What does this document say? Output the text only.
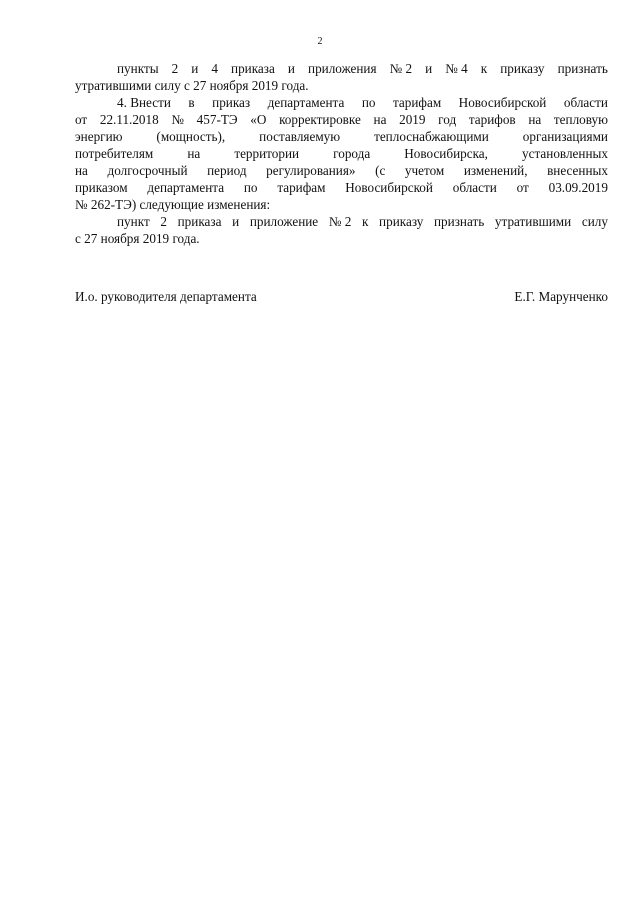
2
пункты 2 и 4 приказа и приложения № 2 и № 4 к приказу признать
утратившими силу с 27 ноября 2019 года.
4. Внести в приказ департамента по тарифам Новосибирской области
от 22.11.2018 № 457-ТЭ «О корректировке на 2019 год тарифов на тепловую
энергию	(мощность),	поставляемую	теплоснабжающими	организациями
потребителям	на	территории	города	Новосибирска,	установленных
на долгосрочный период регулирования» (с учетом изменений, внесенных
приказом департамента по тарифам Новосибирской области от 03.09.2019
№ 262-ТЭ) следующие изменения:
пункт 2 приказа и приложение № 2 к приказу признать утратившими силу
с 27 ноября 2019 года.
И.о. руководителя департамента	Е.Г. Марунченко
